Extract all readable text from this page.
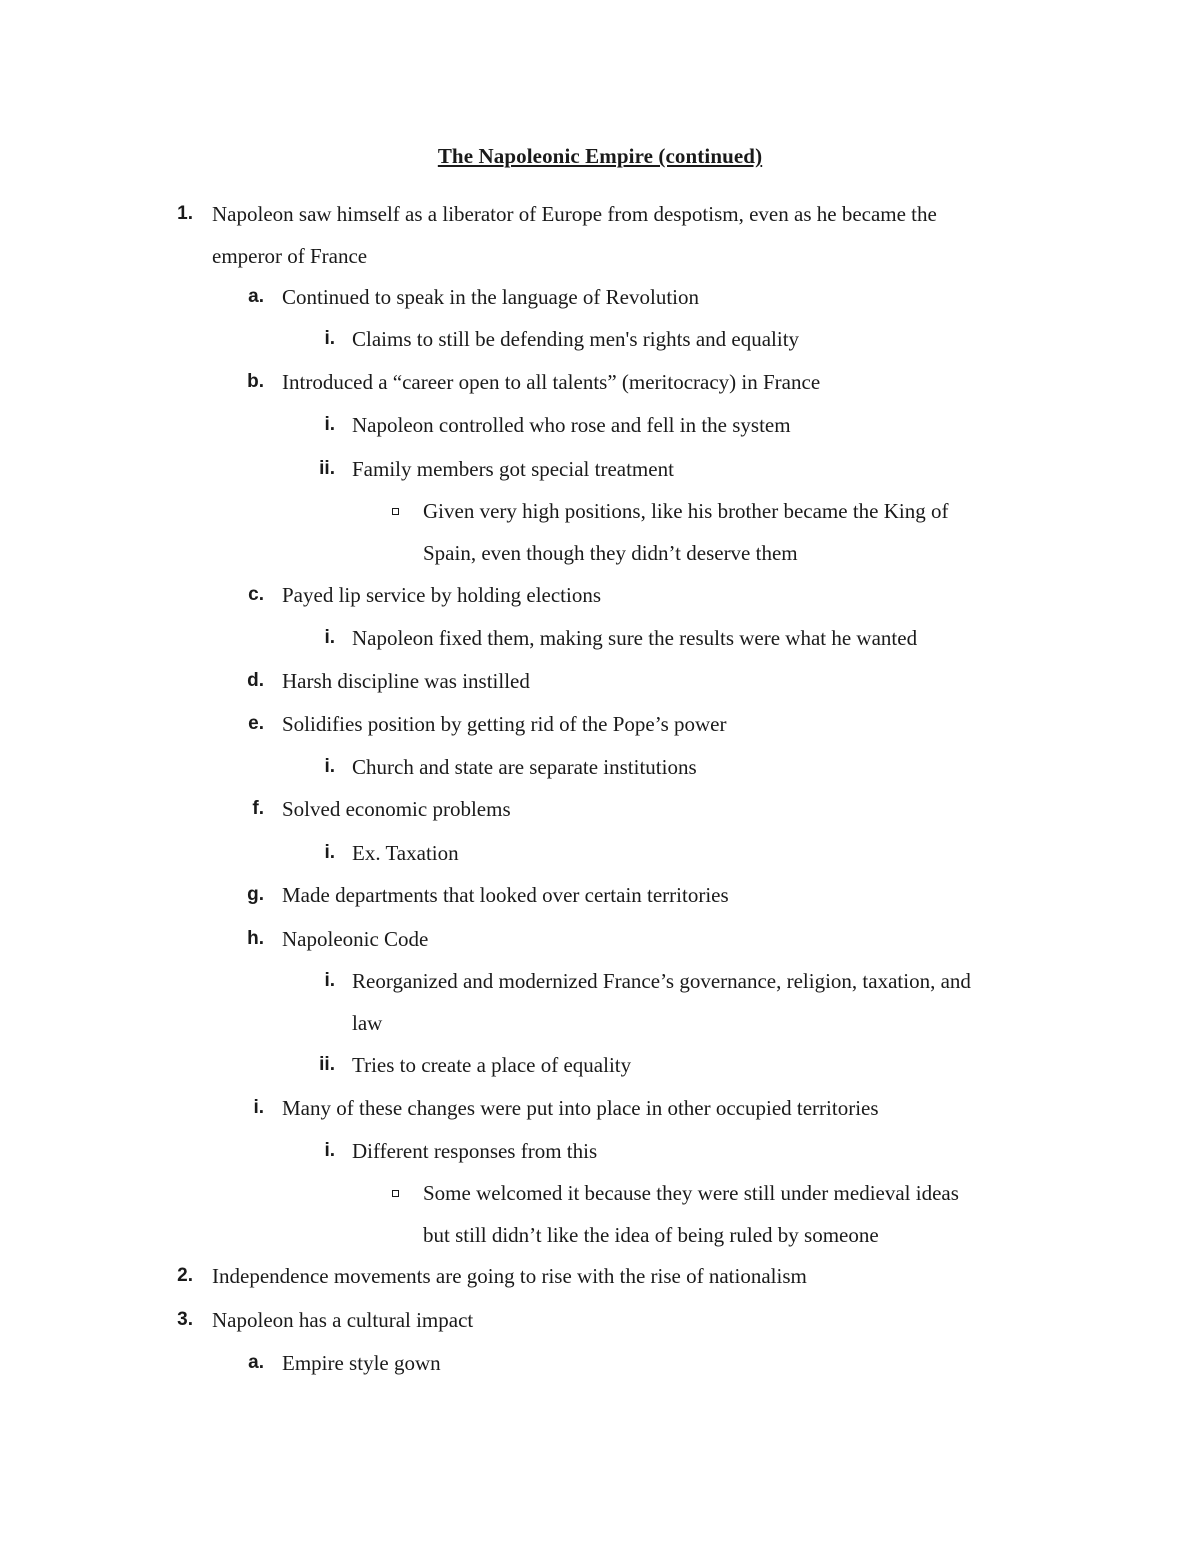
The Napoleonic Empire (continued)
1. Napoleon saw himself as a liberator of Europe from despotism, even as he became the
emperor of France
a. Continued to speak in the language of Revolution
i. Claims to still be defending men's rights and equality
b. Introduced a “career open to all talents” (meritocracy) in France
i. Napoleon controlled who rose and fell in the system
ii. Family members got special treatment
Given very high positions, like his brother became the King of
Spain, even though they didn’t deserve them
c. Payed lip service by holding elections
i. Napoleon fixed them, making sure the results were what he wanted
d. Harsh discipline was instilled
e. Solidifies position by getting rid of the Pope’s power
i. Church and state are separate institutions
f. Solved economic problems
i. Ex. Taxation
g. Made departments that looked over certain territories
h. Napoleonic Code
i. Reorganized and modernized France’s governance, religion, taxation, and
law
ii. Tries to create a place of equality
i. Many of these changes were put into place in other occupied territories
i. Different responses from this
Some welcomed it because they were still under medieval ideas
but still didn’t like the idea of being ruled by someone
2. Independence movements are going to rise with the rise of nationalism
3. Napoleon has a cultural impact
a. Empire style gown
